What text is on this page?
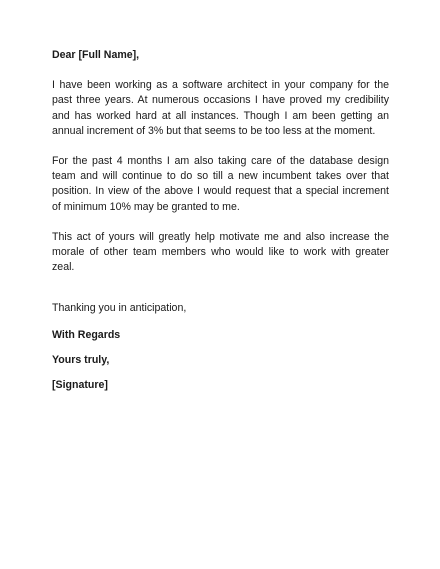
Dear [Full Name],

I have been working as a software architect in your company for the past three years. At numerous occasions I have proved my credibility and has worked hard at all instances. Though I am been getting an annual increment of 3% but that seems to be too less at the moment.

For the past 4 months I am also taking care of the database design team and will continue to do so till a new incumbent takes over that position. In view of the above I would request that a special increment of minimum 10% may be granted to me.

This act of yours will greatly help motivate me and also increase the morale of other team members who would like to work with greater zeal.

Thanking you in anticipation,

With Regards

Yours truly,

[Signature]
